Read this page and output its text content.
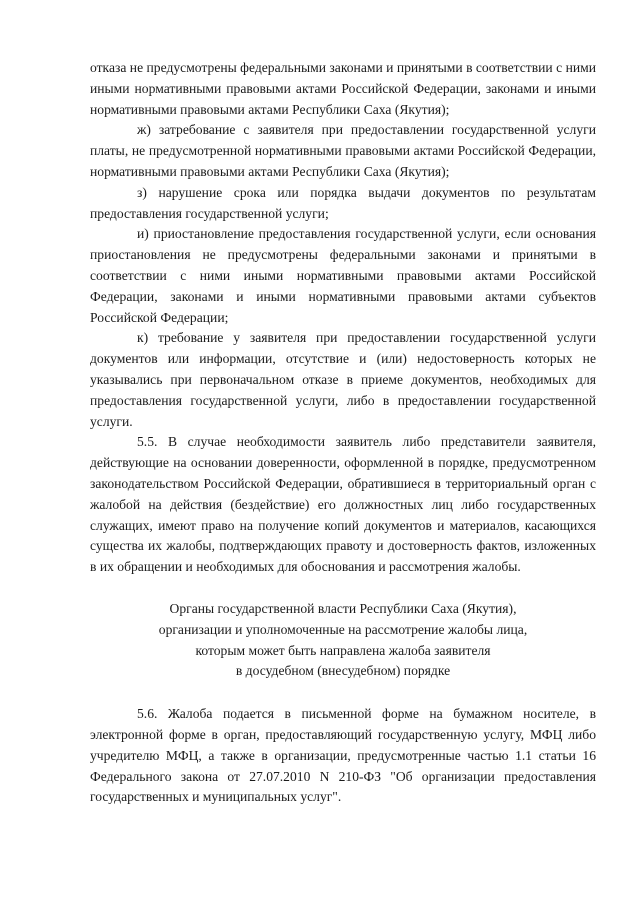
отказа не предусмотрены федеральными законами и принятыми в соответствии с ними иными нормативными правовыми актами Российской Федерации, законами и иными нормативными правовыми актами Республики Саха (Якутия);

ж) затребование с заявителя при предоставлении государственной услуги платы, не предусмотренной нормативными правовыми актами Российской Федерации, нормативными правовыми актами Республики Саха (Якутия);

з) нарушение срока или порядка выдачи документов по результатам предоставления государственной услуги;

и) приостановление предоставления государственной услуги, если основания приостановления не предусмотрены федеральными законами и принятыми в соответствии с ними иными нормативными правовыми актами Российской Федерации, законами и иными нормативными правовыми актами субъектов Российской Федерации;

к) требование у заявителя при предоставлении государственной услуги документов или информации, отсутствие и (или) недостоверность которых не указывались при первоначальном отказе в приеме документов, необходимых для предоставления государственной услуги, либо в предоставлении государственной услуги.

5.5. В случае необходимости заявитель либо представители заявителя, действующие на основании доверенности, оформленной в порядке, предусмотренном законодательством Российской Федерации, обратившиеся в территориальный орган с жалобой на действия (бездействие) его должностных лиц либо государственных служащих, имеют право на получение копий документов и материалов, касающихся существа их жалобы, подтверждающих правоту и достоверность фактов, изложенных в их обращении и необходимых для обоснования и рассмотрения жалобы.

Органы государственной власти Республики Саха (Якутия),
организации и уполномоченные на рассмотрение жалобы лица,
которым может быть направлена жалоба заявителя
в досудебном (внесудебном) порядке

5.6. Жалоба подается в письменной форме на бумажном носителе, в электронной форме в орган, предоставляющий государственную услугу, МФЦ либо учредителю МФЦ, а также в организации, предусмотренные частью 1.1 статьи 16 Федерального закона от 27.07.2010 N 210-ФЗ "Об организации предоставления государственных и муниципальных услуг".
